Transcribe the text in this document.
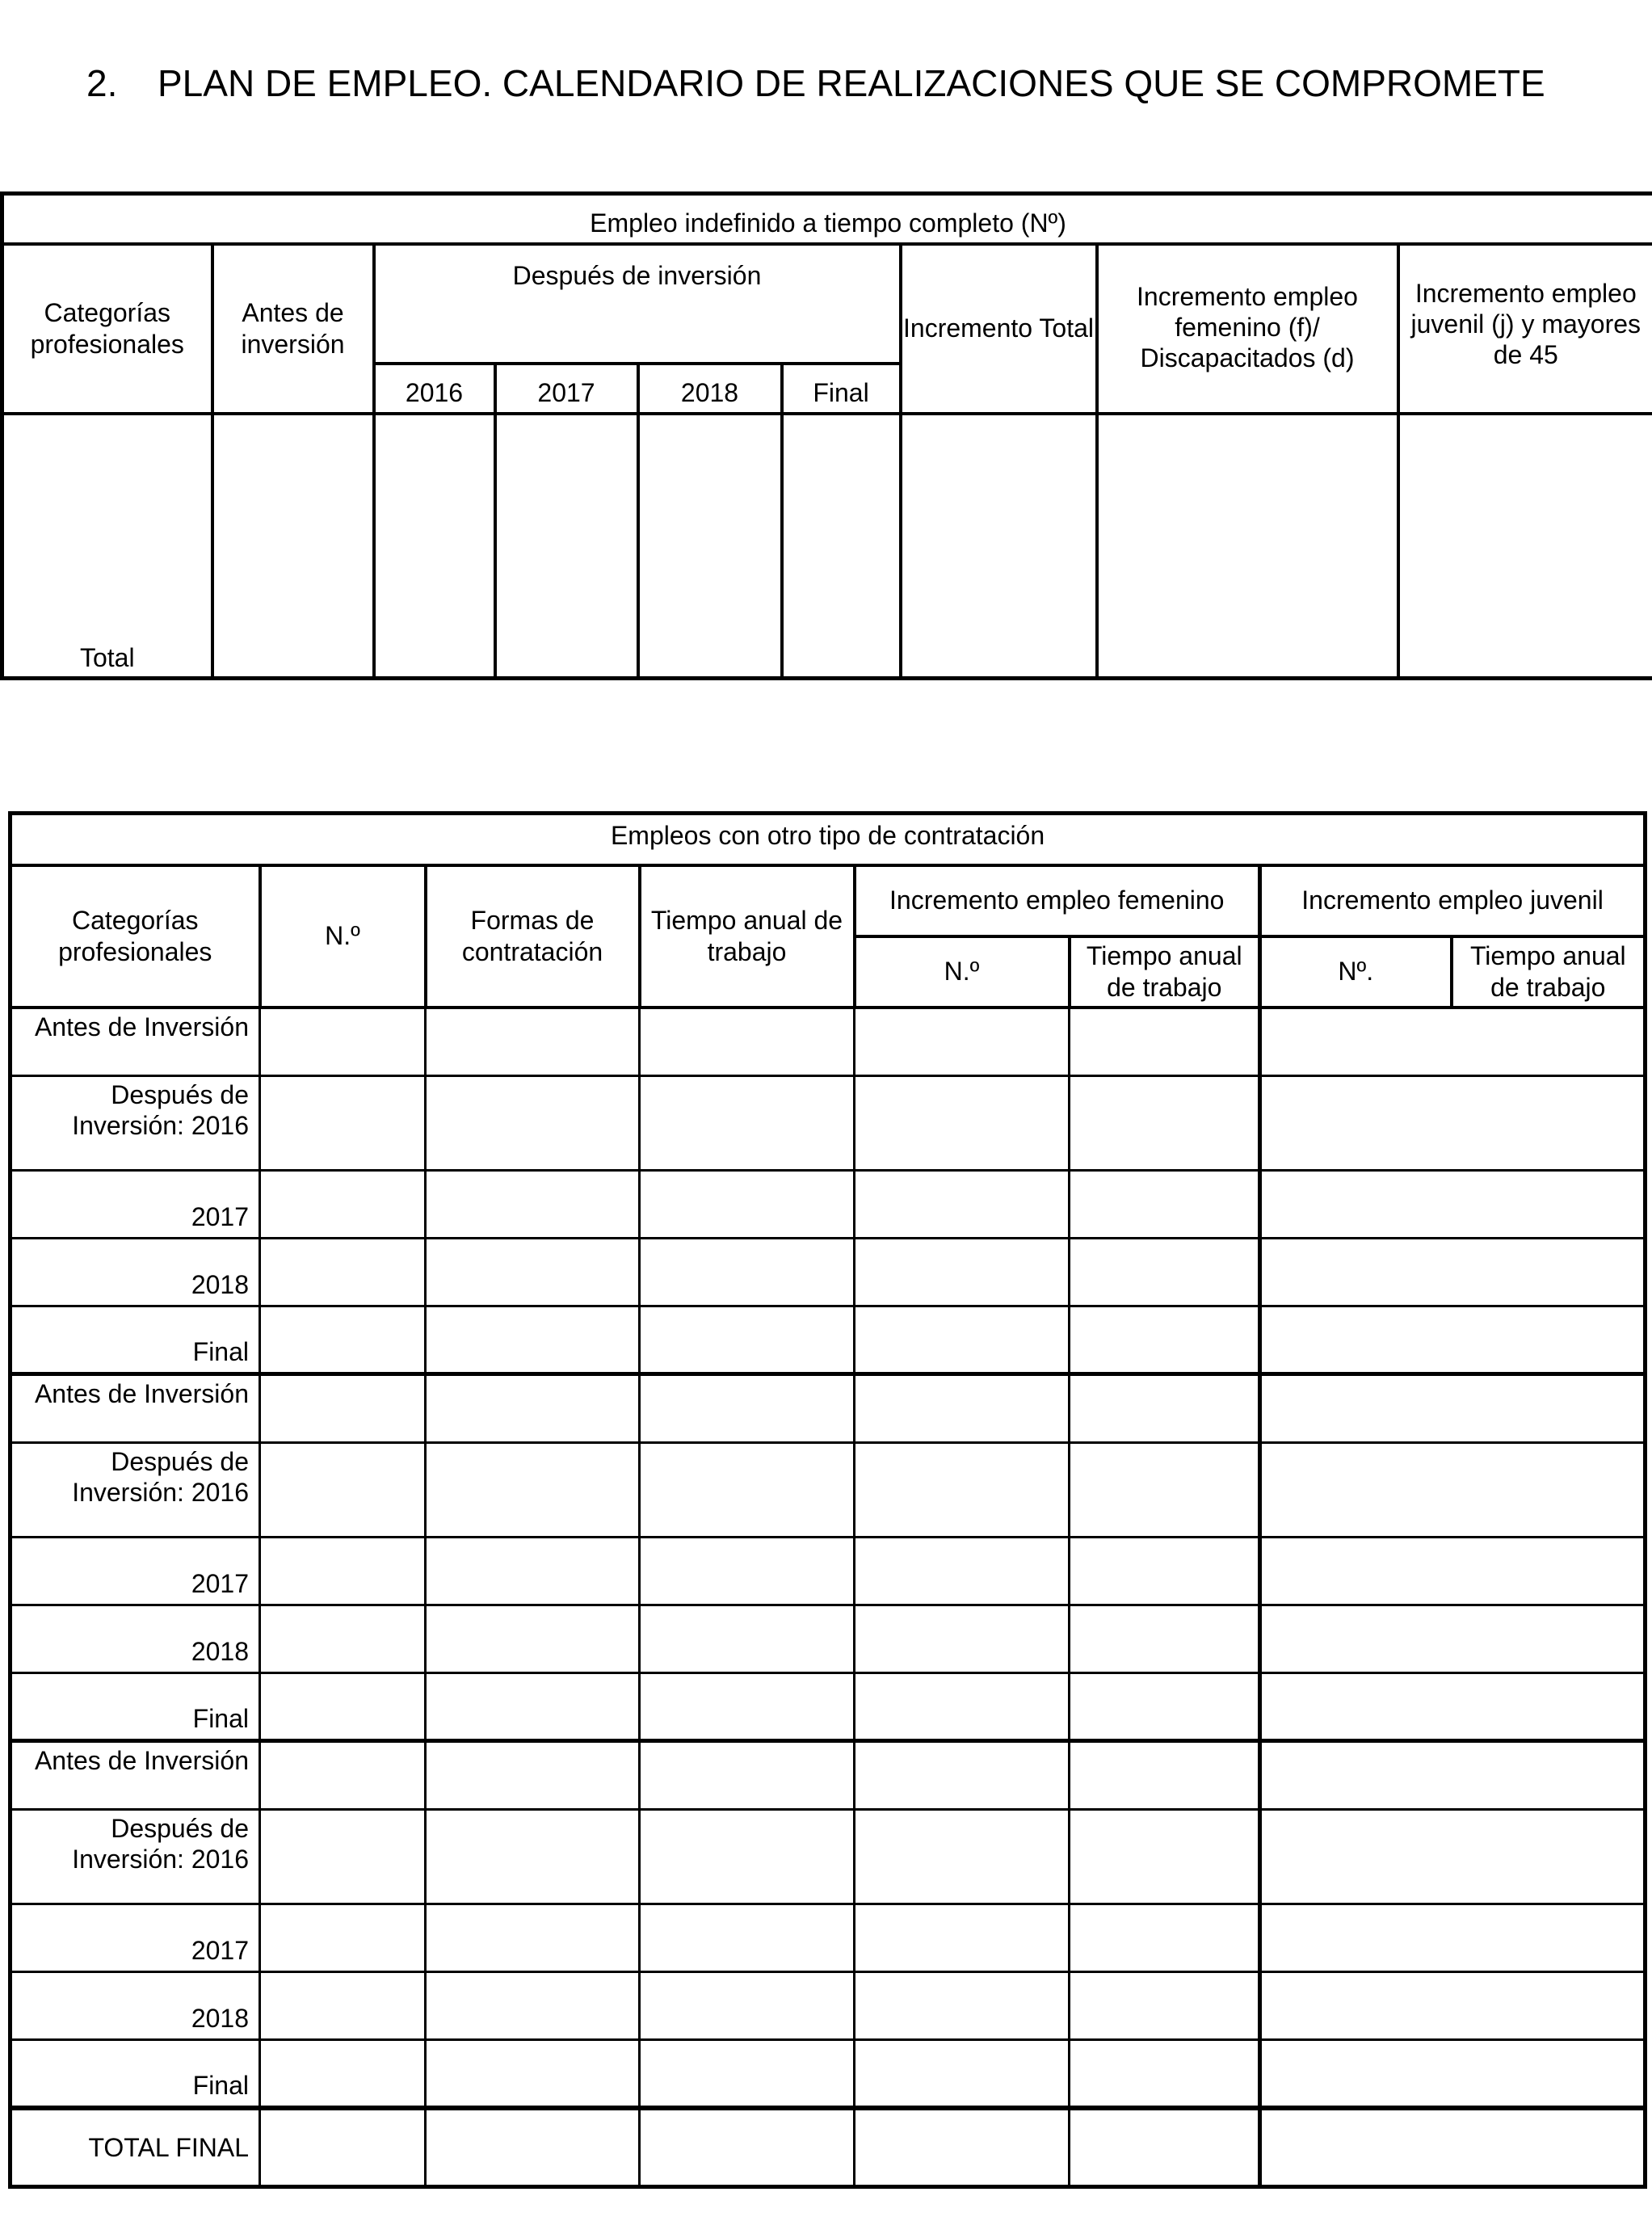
2. PLAN DE EMPLEO. CALENDARIO DE REALIZACIONES QUE SE COMPROMETE
Empleo indefinido a tiempo completo (Nº)								
Categorías profesionales	Antes de inversión	Después de inversión				Incremento Total	Incremento empleo femenino (f)/ Discapacitados (d)	Incremento empleo juvenil (j) y mayores de 45
		2016	2017	2018	Final			
Total								
Empleos con otro tipo de contratación							
Categorías profesionales	N.º	Formas de contratación	Tiempo anual de trabajo	Incremento empleo femenino		Incremento empleo juvenil	
				N.º	Tiempo anual de trabajo	Nº.	Tiempo anual de trabajo
Antes de Inversión							
Después de Inversión: 2016							
2017							
2018							
Final							
Antes de Inversión							
Después de Inversión: 2016							
2017							
2018							
Final							
Antes de Inversión							
Después de Inversión: 2016							
2017							
2018							
Final							
TOTAL FINAL							
